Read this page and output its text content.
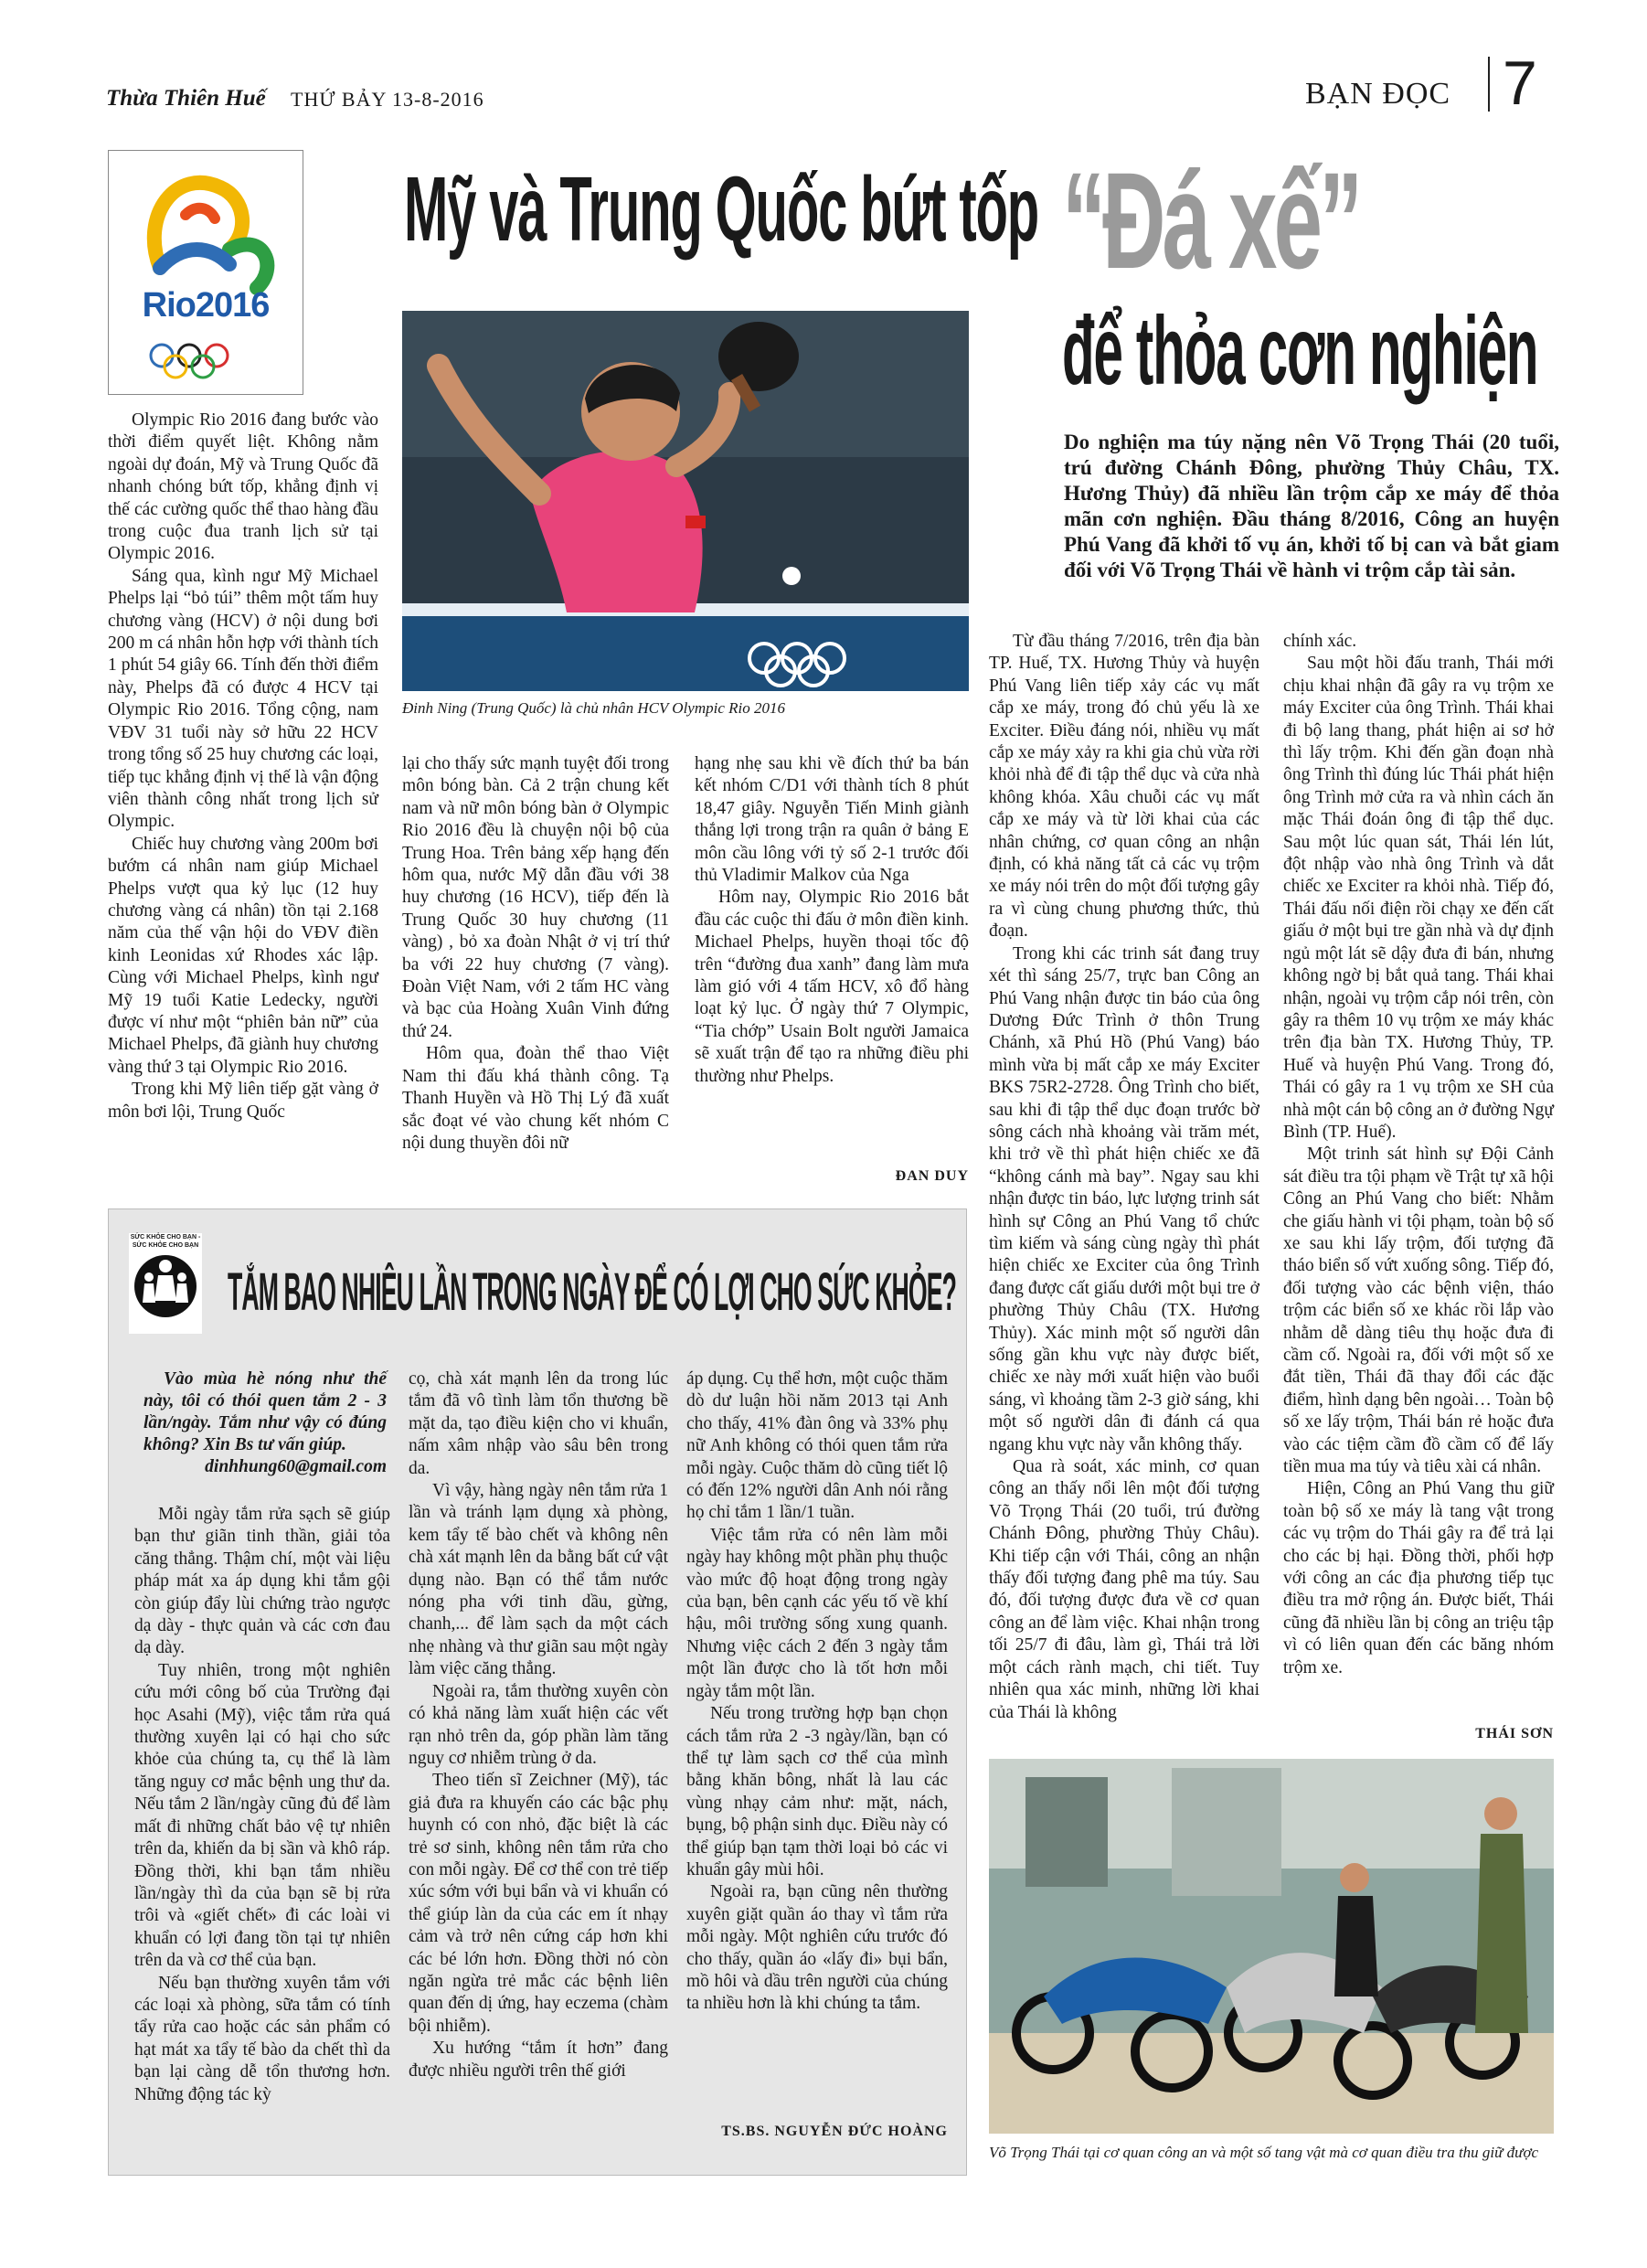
Thừa Thiên Huế THỨ BẢY 13-8-2016	BẠN ĐỌC 7
Rio2016
Mỹ và Trung Quốc bứt tốp
Đinh Ning (Trung Quốc) là chủ nhân HCV Olympic Rio 2016

Olympic Rio 2016 đang bước vào thời điểm quyết liệt. Không nằm ngoài dự đoán, Mỹ và Trung Quốc đã nhanh chóng bứt tốp, khẳng định vị thế các cường quốc thể thao hàng đầu trong cuộc đua tranh lịch sử tại Olympic 2016.

Sáng qua, kình ngư Mỹ Michael Phelps lại “bỏ túi” thêm một tấm huy chương vàng (HCV) ở nội dung bơi 200 m cá nhân hỗn hợp với thành tích 1 phút 54 giây 66. Tính đến thời điểm này, Phelps đã có được 4 HCV tại Olympic Rio 2016. Tổng cộng, nam VĐV 31 tuổi này sở hữu 22 HCV trong tổng số 25 huy chương các loại, tiếp tục khẳng định vị thế là vận động viên thành công nhất trong lịch sử Olympic.

Chiếc huy chương vàng 200m bơi bướm cá nhân nam giúp Michael Phelps vượt qua kỷ lục (12 huy chương vàng cá nhân) tồn tại 2.168 năm của thế vận hội do VĐV điền kinh Leonidas xứ Rhodes xác lập. Cùng với Michael Phelps, kình ngư Mỹ 19 tuổi Katie Ledecky, người được ví như một “phiên bản nữ” của Michael Phelps, đã giành huy chương vàng thứ 3 tại Olympic Rio 2016.

Trong khi Mỹ liên tiếp gặt vàng ở môn bơi lội, Trung Quốc

lại cho thấy sức mạnh tuyệt đối trong môn bóng bàn. Cả 2 trận chung kết nam và nữ môn bóng bàn ở Olympic Rio 2016 đều là chuyện nội bộ của Trung Hoa. Trên bảng xếp hạng đến hôm qua, nước Mỹ dẫn đầu với 38 huy chương (16 HCV), tiếp đến là Trung Quốc 30 huy chương (11 vàng) , bỏ xa đoàn Nhật ở vị trí thứ ba với 22 huy chương (7 vàng). Đoàn Việt Nam, với 2 tấm HC vàng và bạc của Hoàng Xuân Vinh đứng thứ 24.

Hôm qua, đoàn thể thao Việt Nam thi đấu khá thành công. Tạ Thanh Huyền và Hồ Thị Lý đã xuất sắc đoạt vé vào chung kết nhóm C nội dung thuyền đôi nữ

hạng nhẹ sau khi về đích thứ ba bán kết nhóm C/D1 với thành tích 8 phút 18,47 giây. Nguyễn Tiến Minh giành thắng lợi trong trận ra quân ở bảng E môn cầu lông với tỷ số 2-1 trước đối thủ Vladimir Malkov của Nga

Hôm nay, Olympic Rio 2016 bắt đầu các cuộc thi đấu ở môn điền kinh. Michael Phelps, huyền thoại tốc độ trên “đường đua xanh” đang làm mưa làm gió với 4 tấm HCV, xô đổ hàng loạt kỷ lục. Ở ngày thứ 7 Olympic, “Tia chớp” Usain Bolt người Jamaica sẽ xuất trận để tạo ra những điều phi thường như Phelps.

ĐAN DUY
SỨC KHỎE CHO BẠN - SỨC KHỎE CHO BẠN
TẮM BAO NHIÊU LẦN TRONG NGÀY ĐỂ CÓ LỢI CHO SỨC KHỎE?
Vào mùa hè nóng như thế này, tôi có thói quen tắm 2 - 3 lần/ngày. Tắm như vậy có đúng không? Xin Bs tư vấn giúp.
dinhhung60@gmail.com

Mỗi ngày tắm rửa sạch sẽ giúp bạn thư giãn tinh thần, giải tỏa căng thẳng. Thậm chí, một vài liệu pháp mát xa áp dụng khi tắm gội còn giúp đẩy lùi chứng trào ngược dạ dày - thực quản và các cơn đau dạ dày.

Tuy nhiên, trong một nghiên cứu mới công bố của Trường đại học Asahi (Mỹ), việc tắm rửa quá thường xuyên lại có hại cho sức khỏe của chúng ta, cụ thể là làm tăng nguy cơ mắc bệnh ung thư da. Nếu tắm 2 lần/ngày cũng đủ để làm mất đi những chất bảo vệ tự nhiên trên da, khiến da bị sần và khô ráp. Đồng thời, khi bạn tắm nhiều lần/ngày thì da của bạn sẽ bị rửa trôi và «giết chết» đi các loài vi khuẩn có lợi đang tồn tại tự nhiên trên da và cơ thể của bạn.

Nếu bạn thường xuyên tắm với các loại xà phòng, sữa tắm có tính tẩy rửa cao hoặc các sản phẩm có hạt mát xa tẩy tế bào da chết thì da bạn lại càng dễ tổn thương hơn. Những động tác kỳ

cọ, chà xát mạnh lên da trong lúc tắm đã vô tình làm tổn thương bề mặt da, tạo điều kiện cho vi khuẩn, nấm xâm nhập vào sâu bên trong da.

Vì vậy, hàng ngày nên tắm rửa 1 lần và tránh lạm dụng xà phòng, kem tẩy tế bào chết và không nên chà xát mạnh lên da bằng bất cứ vật dụng nào. Bạn có thể tắm nước nóng pha với tinh dầu, gừng, chanh,... để làm sạch da một cách nhẹ nhàng và thư giãn sau một ngày làm việc căng thẳng.

Ngoài ra, tắm thường xuyên còn có khả năng làm xuất hiện các vết rạn nhỏ trên da, góp phần làm tăng nguy cơ nhiễm trùng ở da.

Theo tiến sĩ Zeichner (Mỹ), tác giả đưa ra khuyến cáo các bậc phụ huynh có con nhỏ, đặc biệt là các trẻ sơ sinh, không nên tắm rửa cho con mỗi ngày. Để cơ thể con trẻ tiếp xúc sớm với bụi bẩn và vi khuẩn có thể giúp làn da của các em ít nhạy cảm và trở nên cứng cáp hơn khi các bé lớn hơn. Đồng thời nó còn ngăn ngừa trẻ mắc các bệnh liên quan đến dị ứng, hay eczema (chàm bội nhiễm).

Xu hướng “tắm ít hơn” đang được nhiều người trên thế giới

áp dụng. Cụ thể hơn, một cuộc thăm dò dư luận hồi năm 2013 tại Anh cho thấy, 41% đàn ông và 33% phụ nữ Anh không có thói quen tắm rửa mỗi ngày. Cuộc thăm dò cũng tiết lộ có đến 12% người dân Anh nói rằng họ chỉ tắm 1 lần/1 tuần.

Việc tắm rửa có nên làm mỗi ngày hay không một phần phụ thuộc vào mức độ hoạt động trong ngày của bạn, bên cạnh các yếu tố về khí hậu, môi trường sống xung quanh. Nhưng việc cách 2 đến 3 ngày tắm một lần được cho là tốt hơn mỗi ngày tắm một lần.

Nếu trong trường hợp bạn chọn cách tắm rửa 2 -3 ngày/lần, bạn có thể tự làm sạch cơ thể của mình bằng khăn bông, nhất là lau các vùng nhạy cảm như: mặt, nách, bụng, bộ phận sinh dục. Điều này có thể giúp bạn tạm thời loại bỏ các vi khuẩn gây mùi hôi.

Ngoài ra, bạn cũng nên thường xuyên giặt quần áo thay vì tắm rửa mỗi ngày. Một nghiên cứu trước đó cho thấy, quần áo «lấy đi» bụi bẩn, mồ hôi và dầu trên người của chúng ta nhiều hơn là khi chúng ta tắm.

TS.BS. NGUYỄN ĐỨC HOÀNG
“Đá xế”
để thỏa cơn nghiện
Do nghiện ma túy nặng nên Võ Trọng Thái (20 tuổi, trú đường Chánh Đông, phường Thủy Châu, TX. Hương Thủy) đã nhiều lần trộm cắp xe máy để thỏa mãn cơn nghiện. Đầu tháng 8/2016, Công an huyện Phú Vang đã khởi tố vụ án, khởi tố bị can và bắt giam đối với Võ Trọng Thái về hành vi trộm cắp tài sản.

Từ đầu tháng 7/2016, trên địa bàn TP. Huế, TX. Hương Thủy và huyện Phú Vang liên tiếp xảy các vụ mất cắp xe máy, trong đó chủ yếu là xe Exciter. Điều đáng nói, nhiều vụ mất cắp xe máy xảy ra khi gia chủ vừa rời khỏi nhà để đi tập thể dục và cửa nhà không khóa. Xâu chuỗi các vụ mất cắp xe máy và từ lời khai của các nhân chứng, cơ quan công an nhận định, có khả năng tất cả các vụ trộm xe máy nói trên do một đối tượng gây ra vì cùng chung phương thức, thủ đoạn.

Trong khi các trinh sát đang truy xét thì sáng 25/7, trực ban Công an Phú Vang nhận được tin báo của ông Dương Đức Trình ở thôn Trung Chánh, xã Phú Hồ (Phú Vang) báo mình vừa bị mất cắp xe máy Exciter BKS 75R2-2728. Ông Trình cho biết, sau khi đi tập thể dục đoạn trước bờ sông cách nhà khoảng vài trăm mét, khi trở về thì phát hiện chiếc xe đã “không cánh mà bay”. Ngay sau khi nhận được tin báo, lực lượng trinh sát hình sự Công an Phú Vang tổ chức tìm kiếm và sáng cùng ngày thì phát hiện chiếc xe Exciter của ông Trình đang được cất giấu dưới một bụi tre ở phường Thủy Châu (TX. Hương Thủy). Xác minh một số người dân sống gần khu vực này được biết, chiếc xe này mới xuất hiện vào buổi sáng, vì khoảng tầm 2-3 giờ sáng, khi một số người dân đi đánh cá qua ngang khu vực này vẫn không thấy.

Qua rà soát, xác minh, cơ quan công an thấy nổi lên một đối tượng Võ Trọng Thái (20 tuổi, trú đường Chánh Đông, phường Thủy Châu). Khi tiếp cận với Thái, công an nhận thấy đối tượng đang phê ma túy. Sau đó, đối tượng được đưa về cơ quan công an để làm việc. Khai nhận trong tối 25/7 đi đâu, làm gì, Thái trả lời một cách rành mạch, chi tiết. Tuy nhiên qua xác minh, những lời khai của Thái là không

chính xác.

Sau một hồi đấu tranh, Thái mới chịu khai nhận đã gây ra vụ trộm xe máy Exciter của ông Trình. Thái khai đi bộ lang thang, phát hiện ai sơ hở thì lấy trộm. Khi đến gần đoạn nhà ông Trình thì đúng lúc Thái phát hiện ông Trình mở cửa ra và nhìn cách ăn mặc Thái đoán ông đi tập thể dục. Sau một lúc quan sát, Thái lén lút, đột nhập vào nhà ông Trình và dắt chiếc xe Exciter ra khỏi nhà. Tiếp đó, Thái đấu nối điện rồi chạy xe đến cất giấu ở một bụi tre gần nhà và dự định ngủ một lát sẽ dậy đưa đi bán, nhưng không ngờ bị bắt quả tang. Thái khai nhận, ngoài vụ trộm cắp nói trên, còn gây ra thêm 10 vụ trộm xe máy khác trên địa bàn TX. Hương Thủy, TP. Huế và huyện Phú Vang. Trong đó, Thái có gây ra 1 vụ trộm xe SH của nhà một cán bộ công an ở đường Ngự Bình (TP. Huế).

Một trinh sát hình sự Đội Cảnh sát điều tra tội phạm về Trật tự xã hội Công an Phú Vang cho biết: Nhằm che giấu hành vi tội phạm, toàn bộ số xe sau khi lấy trộm, đối tượng đã tháo biển số vứt xuống sông. Tiếp đó, đối tượng vào các bệnh viện, tháo trộm các biển số xe khác rồi lắp vào nhằm dễ dàng tiêu thụ hoặc đưa đi cầm cố. Ngoài ra, đối với một số xe đắt tiền, Thái đã thay đổi các đặc điểm, hình dạng bên ngoài… Toàn bộ số xe lấy trộm, Thái bán rẻ hoặc đưa vào các tiệm cầm đồ cầm cố để lấy tiền mua ma túy và tiêu xài cá nhân.

Hiện, Công an Phú Vang thu giữ toàn bộ số xe máy là tang vật trong các vụ trộm do Thái gây ra để trả lại cho các bị hại. Đồng thời, phối hợp với công an các địa phương tiếp tục điều tra mở rộng án. Được biết, Thái cũng đã nhiều lần bị công an triệu tập vì có liên quan đến các băng nhóm trộm xe.

THÁI SƠN
Võ Trọng Thái tại cơ quan công an và một số tang vật mà cơ quan điều tra thu giữ được
